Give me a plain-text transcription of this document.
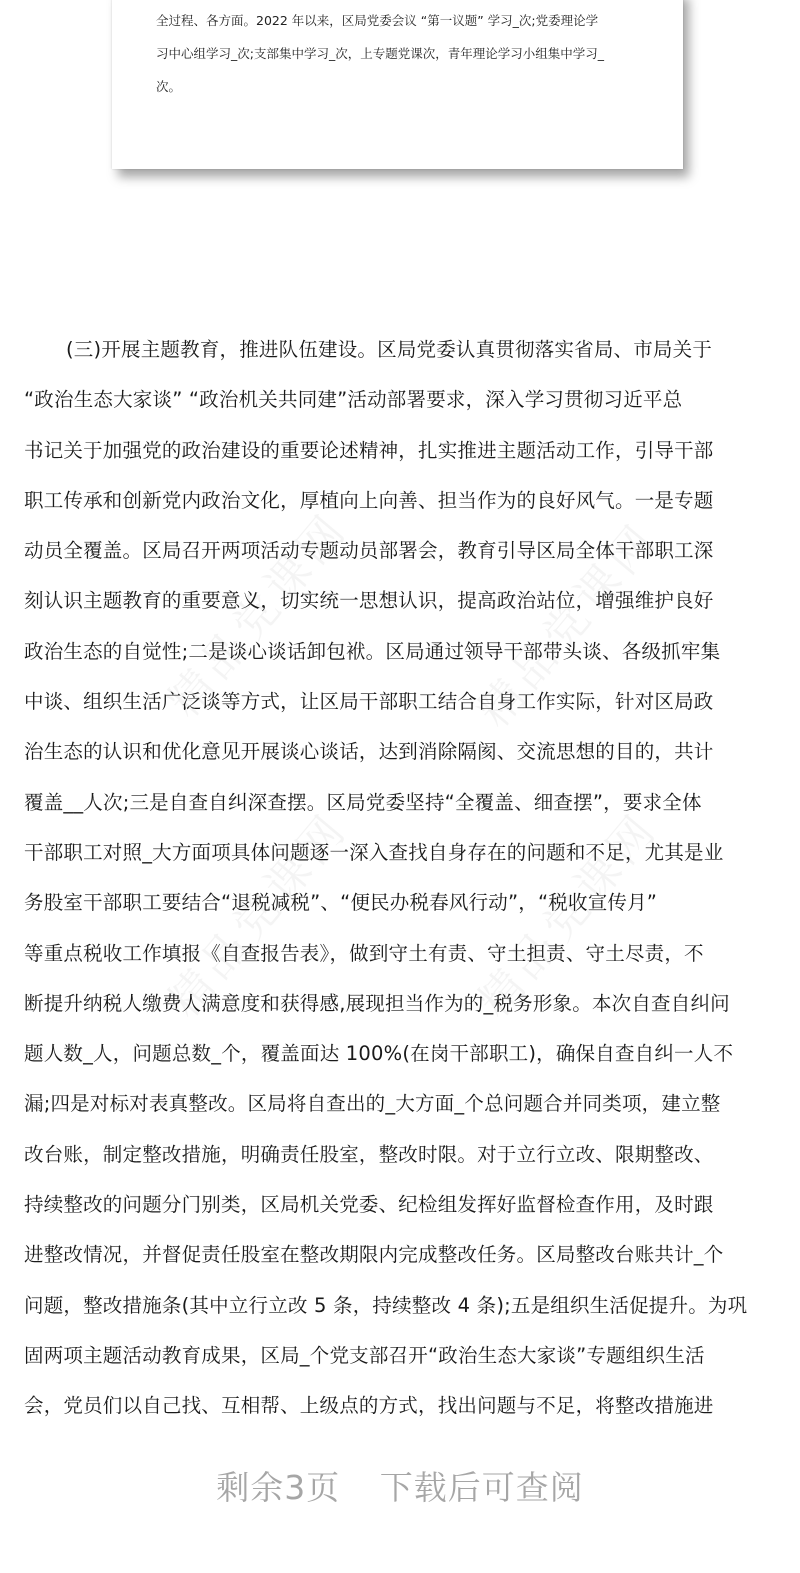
全过程、各方面。2022 年以来，区局党委会议 “第一议题” 学习_次;党委理论学

习中心组学习_次;支部集中学习_次，上专题党课次，青年理论学习小组集中学习_

次。

(三)开展主题教育，推进队伍建设。区局党委认真贯彻落实省局、市局关于

“政治生态大家谈” “政治机关共同建”活动部署要求，深入学习贯彻习近平总

书记关于加强党的政治建设的重要论述精神，扎实推进主题活动工作，引导干部

职工传承和创新党内政治文化，厚植向上向善、担当作为的良好风气。一是专题

动员全覆盖。区局召开两项活动专题动员部署会，教育引导区局全体干部职工深

刻认识主题教育的重要意义，切实统一思想认识，提高政治站位，增强维护良好

政治生态的自觉性;二是谈心谈话卸包袱。区局通过领导干部带头谈、各级抓牢集

中谈、组织生活广泛谈等方式，让区局干部职工结合自身工作实际，针对区局政

治生态的认识和优化意见开展谈心谈话，达到消除隔阂、交流思想的目的，共计

覆盖__人次;三是自查自纠深查摆。区局党委坚持“全覆盖、细查摆”，要求全体

干部职工对照_大方面项具体问题逐一深入查找自身存在的问题和不足，尤其是业

务股室干部职工要结合“退税减税”、“便民办税春风行动”，“税收宣传月”

等重点税收工作填报《自查报告表》，做到守土有责、守土担责、守土尽责，不

断提升纳税人缴费人满意度和获得感,展现担当作为的_税务形象。本次自查自纠问

题人数_人，问题总数_个，覆盖面达 100%(在岗干部职工)，确保自查自纠一人不

漏;四是对标对表真整改。区局将自查出的_大方面_个总问题合并同类项，建立整

改台账，制定整改措施，明确责任股室，整改时限。对于立行立改、限期整改、

持续整改的问题分门别类，区局机关党委、纪检组发挥好监督检查作用，及时跟

进整改情况，并督促责任股室在整改期限内完成整改任务。区局整改台账共计_个

问题，整改措施条(其中立行立改 5 条，持续整改 4 条);五是组织生活促提升。为巩

固两项主题活动教育成果，区局_个党支部召开“政治生态大家谈”专题组织生活

会，党员们以自己找、互相帮、上级点的方式，找出问题与不足，将整改措施进

剩余3页 下载后可查阅
